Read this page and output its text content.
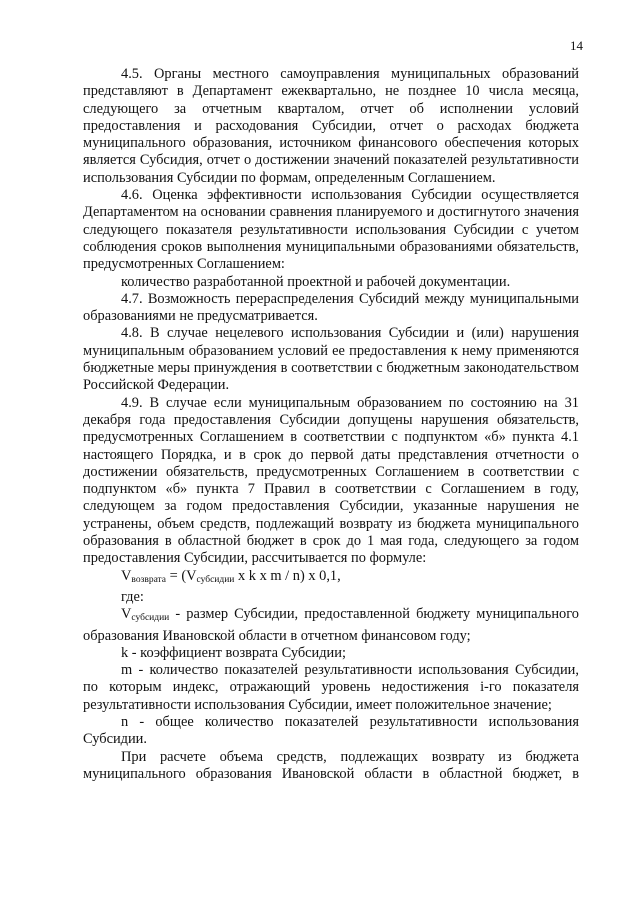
14

4.5. Органы местного самоуправления муниципальных образований представляют в Департамент ежеквартально, не позднее 10 числа месяца, следующего за отчетным кварталом, отчет об исполнении условий предоставления и расходования Субсидии, отчет о расходах бюджета муниципального образования, источником финансового обеспечения которых является Субсидия, отчет о достижении значений показателей результативности использования Субсидии по формам, определенным Соглашением.

4.6. Оценка эффективности использования Субсидии осуществляется Департаментом на основании сравнения планируемого и достигнутого значения следующего показателя результативности использования Субсидии с учетом соблюдения сроков выполнения муниципальными образованиями обязательств, предусмотренных Соглашением:

количество разработанной проектной и рабочей документации.

4.7. Возможность перераспределения Субсидий между муниципальными образованиями не предусматривается.

4.8. В случае нецелевого использования Субсидии и (или) нарушения муниципальным образованием условий ее предоставления к нему применяются бюджетные меры принуждения в соответствии с бюджетным законодательством Российской Федерации.

4.9. В случае если муниципальным образованием по состоянию на 31 декабря года предоставления Субсидии допущены нарушения обязательств, предусмотренных Соглашением в соответствии с подпунктом «б» пункта 4.1 настоящего Порядка, и в срок до первой даты представления отчетности о достижении обязательств, предусмотренных Соглашением в соответствии с подпунктом «б» пункта 7 Правил в соответствии с Соглашением в году, следующем за годом предоставления Субсидии, указанные нарушения не устранены, объем средств, подлежащий возврату из бюджета муниципального образования в областной бюджет в срок до 1 мая года, следующего за годом предоставления Субсидии, рассчитывается по формуле:

$V_{возврата} = (V_{субсидии}$ x k x m / n) x 0,1,

где:

$V_{субсидии}$ - размер Субсидии, предоставленной бюджету муниципального образования Ивановской области в отчетном финансовом году;

k - коэффициент возврата Субсидии;

m - количество показателей результативности использования Субсидии, по которым индекс, отражающий уровень недостижения i-го показателя результативности использования Субсидии, имеет положительное значение;

n - общее количество показателей результативности использования Субсидии.

При расчете объема средств, подлежащих возврату из бюджета муниципального образования Ивановской области в областной бюджет, в
